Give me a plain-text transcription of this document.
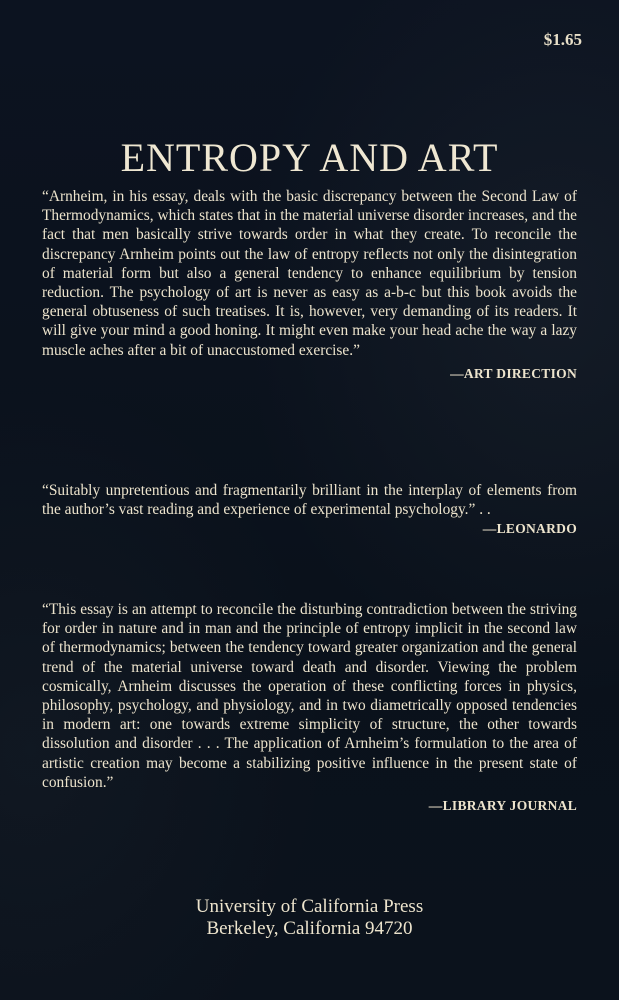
$1.65
ENTROPY AND ART

“Arnheim, in his essay, deals with the basic discrepancy between the Second Law of Thermodynamics, which states that in the material universe disorder increases, and the fact that men basically strive towards order in what they create. To reconcile the discrepancy Arnheim points out the law of entropy reflects not only the disintegration of material form but also a general tendency to enhance equilibrium by tension reduction. The psychology of art is never as easy as a-b-c but this book avoids the general obtuseness of such treatises. It is, however, very demanding of its readers. It will give your mind a good honing. It might even make your head ache the way a lazy muscle aches after a bit of unaccustomed exercise.”

—ART DIRECTION

“Suitably unpretentious and fragmentarily brilliant in the interplay of elements from the author’s vast reading and experience of experimental psychology.” . .

—LEONARDO

“This essay is an attempt to reconcile the disturbing contradiction between the striving for order in nature and in man and the principle of entropy implicit in the second law of thermodynamics; between the tendency toward greater organization and the general trend of the material universe toward death and disorder. Viewing the problem cosmically, Arnheim discusses the operation of these conflicting forces in physics, philosophy, psychology, and physiology, and in two diametrically opposed tendencies in modern art: one towards extreme simplicity of structure, the other towards dissolution and disorder . . . The application of Arnheim’s formulation to the area of artistic creation may become a stabilizing positive influence in the present state of confusion.”

—LIBRARY JOURNAL
University of California Press
Berkeley, California 94720
